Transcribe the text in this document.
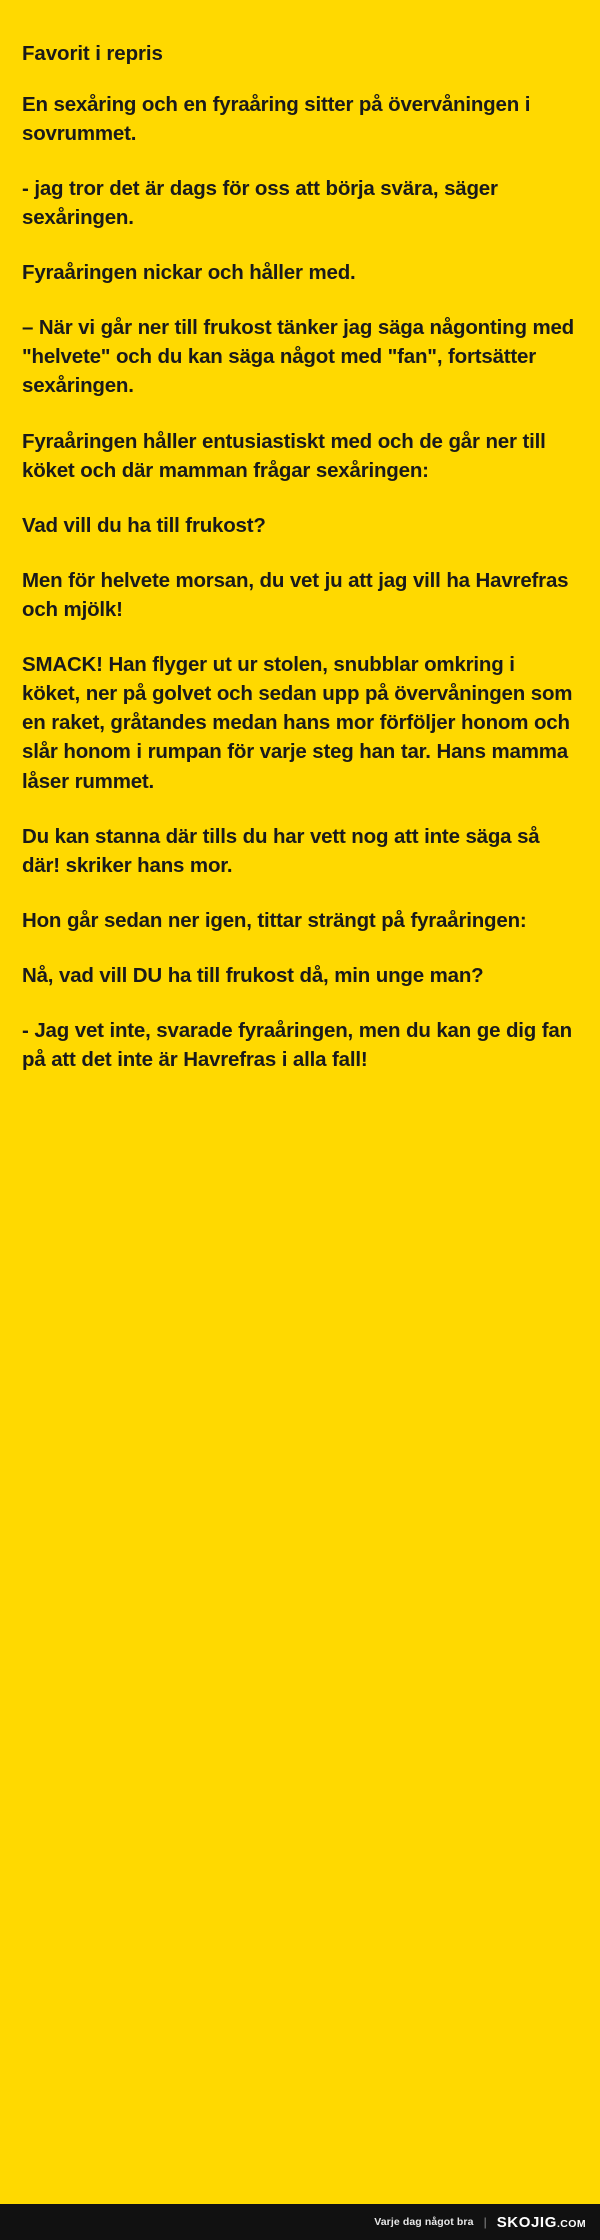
Favorit i repris

En sexåring och en fyraåring sitter på övervåningen i sovrummet.

- jag tror det är dags för oss att börja svära, säger sexåringen.

Fyraåringen nickar och håller med.

– När vi går ner till frukost tänker jag säga någonting med "helvete" och du kan säga något med "fan", fortsätter sexåringen.

Fyraåringen håller entusiastiskt med och de går ner till köket och där mamman frågar sexåringen:

Vad vill du ha till frukost?

Men för helvete morsan, du vet ju att jag vill ha Havrefras och mjölk!

SMACK! Han flyger ut ur stolen, snubblar omkring i köket, ner på golvet och sedan upp på övervåningen som en raket, gråtandes medan hans mor förföljer honom och slår honom i rumpan för varje steg han tar. Hans mamma låser rummet.

Du kan stanna där tills du har vett nog att inte säga så där! skriker hans mor.

Hon går sedan ner igen, tittar strängt på fyraåringen:

Nå, vad vill DU ha till frukost då, min unge man?

- Jag vet inte, svarade fyraåringen, men du kan ge dig fan på att det inte är Havrefras i alla fall!

Varje dag något bra | SKOJIG.COM
